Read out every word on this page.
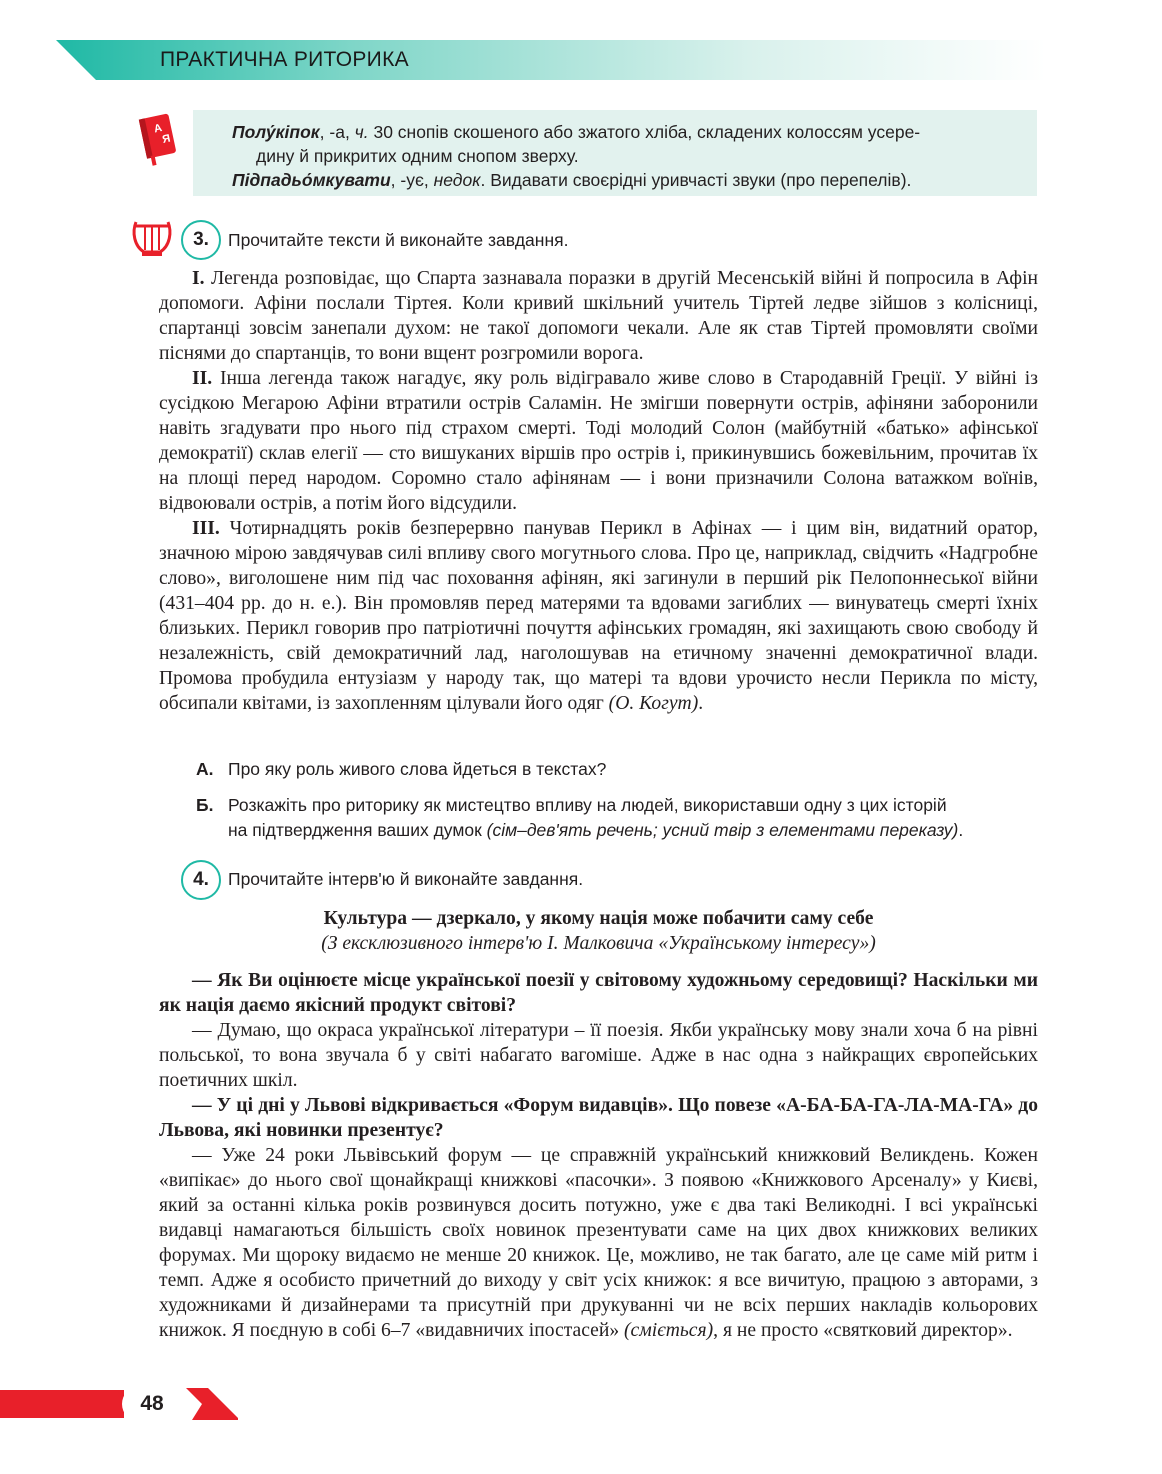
ПРАКТИЧНА РИТОРИКА
А
Я	Полу́кіпок, -а, ч. 30 снопів скошеного або зжатого хліба, складених колоссям усере-
дину й прикритих одним снопом зверху.
Підпадьо́мкувати, -ує, недок. Видавати своєрідні уривчасті звуки (про перепелів).
3.	Прочитайте тексти й виконайте завдання.

I. Легенда розповідає, що Спарта зазнавала поразки в другій Месенській війні й попросила в Афін допомоги. Афіни послали Тіртея. Коли кривий шкільний учитель Тіртей ледве зійшов з колісниці, спартанці зовсім занепали духом: не такої допомоги чекали. Але як став Тіртей промовляти своїми піснями до спартанців, то вони вщент розгромили ворога.

II. Інша легенда також нагадує, яку роль відігравало живе слово в Стародавній Греції. У війні із сусідкою Мегарою Афіни втратили острів Саламін. Не змігши повернути острів, афіняни заборонили навіть згадувати про нього під страхом смерті. Тоді молодий Солон (майбутній «батько» афінської демократії) склав елегії — сто вишуканих віршів про острів і, прикинувшись божевільним, прочитав їх на площі перед народом. Соромно стало афінянам — і вони призначили Солона ватажком воїнів, відвоювали острів, а потім його відсудили.

III. Чотирнадцять років безперервно панував Перикл в Афінах — і цим він, видатний оратор, значною мірою завдячував силі впливу свого могутнього слова. Про це, наприклад, свідчить «Надгробне слово», виголошене ним під час поховання афінян, які загинули в перший рік Пелопоннеської війни (431–404 рр. до н. е.). Він промовляв перед матерями та вдовами загиблих — винуватець смерті їхніх близьких. Перикл говорив про патріотичні почуття афінських громадян, які захищають свою свободу й незалежність, свій демократичний лад, наголошував на етичному значенні демократичної влади. Промова пробудила ентузіазм у народу так, що матері та вдови урочисто несли Перикла по місту, обсипали квітами, із захопленням цілували його одяг (О. Когут).

А. Про яку роль живого слова йдеться в текстах?
Б. Розкажіть про риторику як мистецтво впливу на людей, використавши одну з цих історій
на підтвердження ваших думок (сім–дев'ять речень; усний твір з елементами переказу).
4.	Прочитайте інтерв'ю й виконайте завдання.
Культура — дзеркало, у якому нація може побачити саму себе
(З ексклюзивного інтерв'ю І. Малковича «Українському інтересу»)

— Як Ви оцінюєте місце української поезії у світовому художньому середовищі? Наскільки ми як нація даємо якісний продукт світові?

— Думаю, що окраса української літератури – її поезія. Якби українську мову знали хоча б на рівні польської, то вона звучала б у світі набагато вагоміше. Адже в нас одна з найкращих європейських поетичних шкіл.

— У ці дні у Львові відкривається «Форум видавців». Що повезе «А-БА-БА-ГА-ЛА-МА-ГА» до Львова, які новинки презентує?

— Уже 24 роки Львівський форум — це справжній український книжковий Великдень. Кожен «випікає» до нього свої щонайкращі книжкові «пасочки». З появою «Книжкового Арсеналу» у Києві, який за останні кілька років розвинувся досить потужно, уже є два такі Великодні. І всі українські видавці намагаються більшість своїх новинок презентувати саме на цих двох книжкових великих форумах. Ми щороку видаємо не менше 20 книжок. Це, можливо, не так багато, але це саме мій ритм і темп. Адже я особисто причетний до виходу у світ усіх книжок: я все вичитую, працюю з авторами, з художниками й дизайнерами та присутній при друкуванні чи не всіх перших накладів кольорових книжок. Я поєдную в собі 6–7 «видавничих іпостасей» (сміється), я не просто «святковий директор».

48
